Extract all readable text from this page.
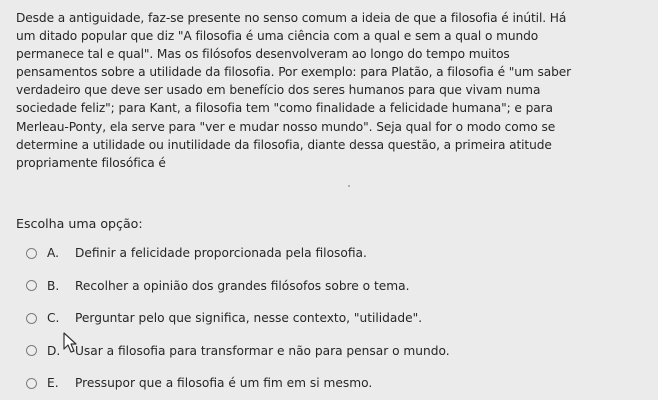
Desde a antiguidade, faz-se presente no senso comum a ideia de que a filosofia é inútil. Há
um ditado popular que diz "A filosofia é uma ciência com a qual e sem a qual o mundo
permanece tal e qual". Mas os filósofos desenvolveram ao longo do tempo muitos
pensamentos sobre a utilidade da filosofia. Por exemplo: para Platão, a filosofia é "um saber
verdadeiro que deve ser usado em benefício dos seres humanos para que vivam numa
sociedade feliz"; para Kant, a filosofia tem "como finalidade a felicidade humana"; e para
Merleau-Ponty, ela serve para "ver e mudar nosso mundo". Seja qual for o modo como se
determine a utilidade ou inutilidade da filosofia, diante dessa questão, a primeira atitude
propriamente filosófica é
Escolha uma opção:
A.	Definir a felicidade proporcionada pela filosofia.
B.	Recolher a opinião dos grandes filósofos sobre o tema.
C.	Perguntar pelo que significa, nesse contexto, "utilidade".
D.	Usar a filosofia para transformar e não para pensar o mundo.
E.	Pressupor que a filosofia é um fim em si mesmo.
